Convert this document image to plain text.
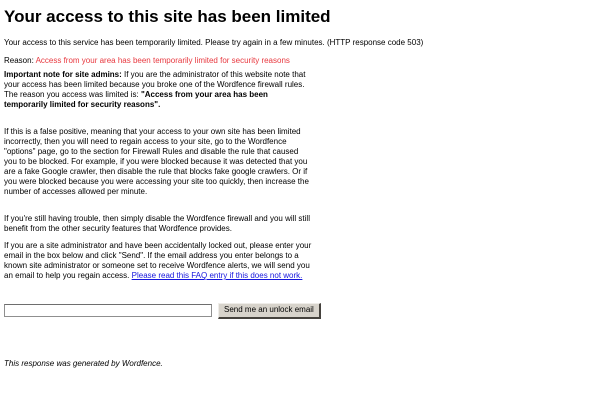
Your access to this site has been limited

Your access to this service has been temporarily limited. Please try again in a few minutes. (HTTP response code 503)

Reason: Access from your area has been temporarily limited for security reasons

Important note for site admins: If you are the administrator of this website note that your access has been limited because you broke one of the Wordfence firewall rules. The reason you access was limited is: "Access from your area has been temporarily limited for security reasons".

If this is a false positive, meaning that your access to your own site has been limited incorrectly, then you will need to regain access to your site, go to the Wordfence "options" page, go to the section for Firewall Rules and disable the rule that caused you to be blocked. For example, if you were blocked because it was detected that you are a fake Google crawler, then disable the rule that blocks fake google crawlers. Or if you were blocked because you were accessing your site too quickly, then increase the number of accesses allowed per minute.

If you're still having trouble, then simply disable the Wordfence firewall and you will still benefit from the other security features that Wordfence provides.

If you are a site administrator and have been accidentally locked out, please enter your email in the box below and click "Send". If the email address you enter belongs to a known site administrator or someone set to receive Wordfence alerts, we will send you an email to help you regain access. Please read this FAQ entry if this does not work.

Send me an unlock email

This response was generated by Wordfence.
